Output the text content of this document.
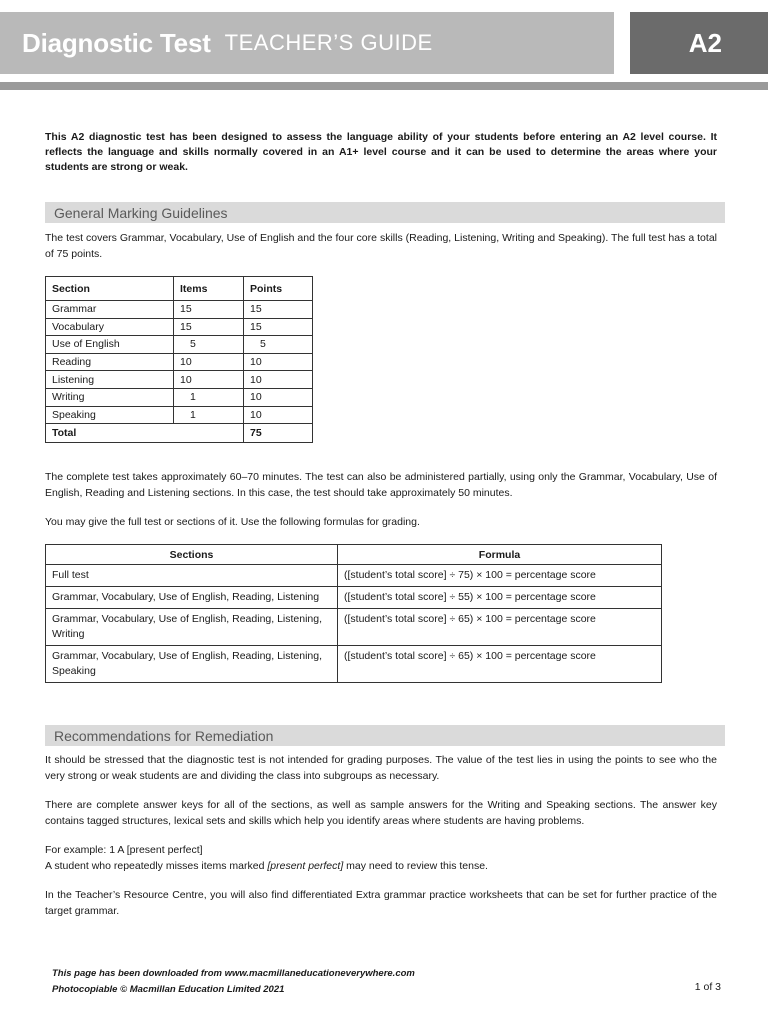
Diagnostic Test TEACHER’S GUIDE	A2
This A2 diagnostic test has been designed to assess the language ability of your students before entering an A2 level course. It reflects the language and skills normally covered in an A1+ level course and it can be used to determine the areas where your students are strong or weak.
General Marking Guidelines

The test covers Grammar, Vocabulary, Use of English and the four core skills (Reading, Listening, Writing and Speaking). The full test has a total of 75 points.

Section	Items	Points
Grammar	15	15
Vocabulary	15	15
Use of English	5	5
Reading	10	10
Listening	10	10
Writing	1	10
Speaking	1	10
Total		75

The complete test takes approximately 60–70 minutes. The test can also be administered partially, using only the Grammar, Vocabulary, Use of English, Reading and Listening sections. In this case, the test should take approximately 50 minutes.

You may give the full test or sections of it. Use the following formulas for grading.

Sections	Formula
Full test	([student’s total score] ÷ 75) × 100 = percentage score
Grammar, Vocabulary, Use of English, Reading, Listening	([student’s total score] ÷ 55) × 100 = percentage score
Grammar, Vocabulary, Use of English, Reading, Listening, Writing	([student’s total score] ÷ 65) × 100 = percentage score
Grammar, Vocabulary, Use of English, Reading, Listening, Speaking	([student’s total score] ÷ 65) × 100 = percentage score
Recommendations for Remediation

It should be stressed that the diagnostic test is not intended for grading purposes. The value of the test lies in using the points to see who the very strong or weak students are and dividing the class into subgroups as necessary.

There are complete answer keys for all of the sections, as well as sample answers for the Writing and Speaking sections. The answer key contains tagged structures, lexical sets and skills which help you identify areas where students are having problems.

For example: 1 A [present perfect]

A student who repeatedly misses items marked [present perfect] may need to review this tense.

In the Teacher’s Resource Centre, you will also find differentiated Extra grammar practice worksheets that can be set for further practice of the target grammar.

This page has been downloaded from www.macmillaneducationeverywhere.com
Photocopiable © Macmillan Education Limited 2021	1 of 3
